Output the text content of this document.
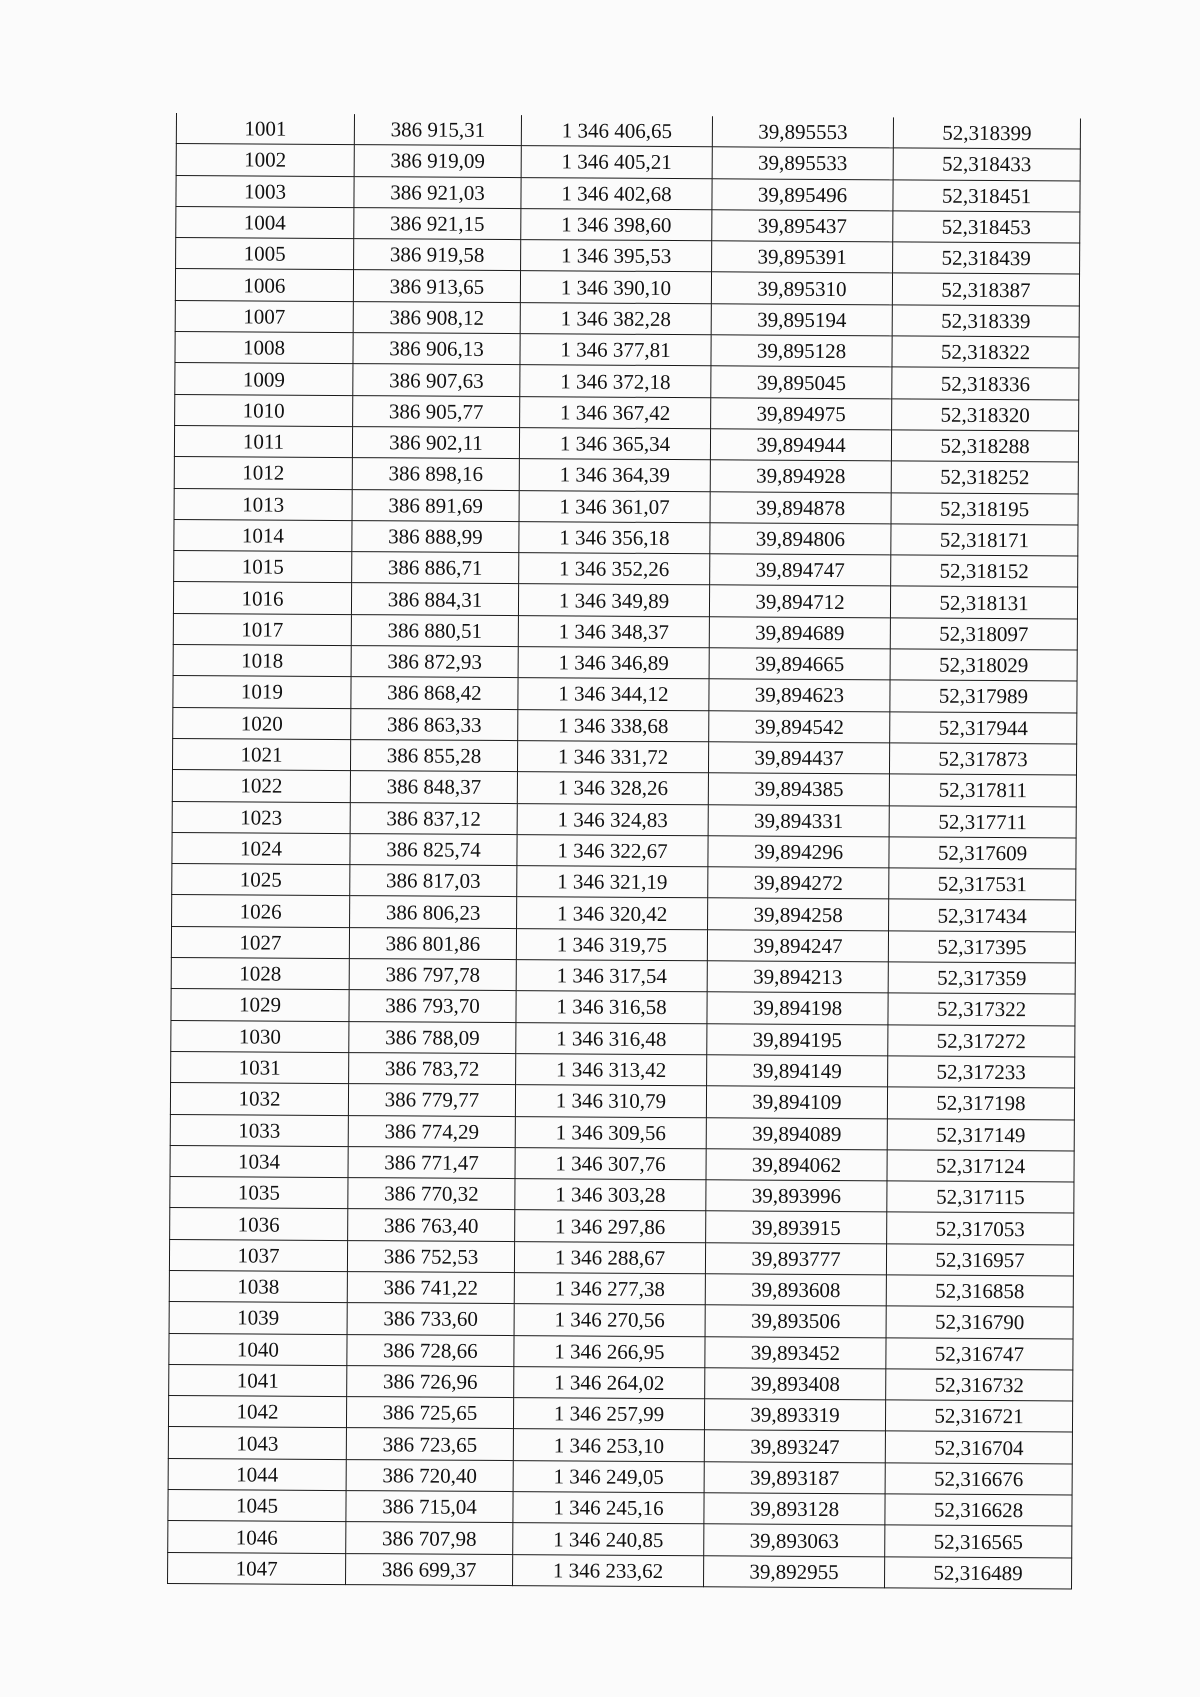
1001	386 915,31	1 346 406,65	39,895553	52,318399
1002	386 919,09	1 346 405,21	39,895533	52,318433
1003	386 921,03	1 346 402,68	39,895496	52,318451
1004	386 921,15	1 346 398,60	39,895437	52,318453
1005	386 919,58	1 346 395,53	39,895391	52,318439
1006	386 913,65	1 346 390,10	39,895310	52,318387
1007	386 908,12	1 346 382,28	39,895194	52,318339
1008	386 906,13	1 346 377,81	39,895128	52,318322
1009	386 907,63	1 346 372,18	39,895045	52,318336
1010	386 905,77	1 346 367,42	39,894975	52,318320
1011	386 902,11	1 346 365,34	39,894944	52,318288
1012	386 898,16	1 346 364,39	39,894928	52,318252
1013	386 891,69	1 346 361,07	39,894878	52,318195
1014	386 888,99	1 346 356,18	39,894806	52,318171
1015	386 886,71	1 346 352,26	39,894747	52,318152
1016	386 884,31	1 346 349,89	39,894712	52,318131
1017	386 880,51	1 346 348,37	39,894689	52,318097
1018	386 872,93	1 346 346,89	39,894665	52,318029
1019	386 868,42	1 346 344,12	39,894623	52,317989
1020	386 863,33	1 346 338,68	39,894542	52,317944
1021	386 855,28	1 346 331,72	39,894437	52,317873
1022	386 848,37	1 346 328,26	39,894385	52,317811
1023	386 837,12	1 346 324,83	39,894331	52,317711
1024	386 825,74	1 346 322,67	39,894296	52,317609
1025	386 817,03	1 346 321,19	39,894272	52,317531
1026	386 806,23	1 346 320,42	39,894258	52,317434
1027	386 801,86	1 346 319,75	39,894247	52,317395
1028	386 797,78	1 346 317,54	39,894213	52,317359
1029	386 793,70	1 346 316,58	39,894198	52,317322
1030	386 788,09	1 346 316,48	39,894195	52,317272
1031	386 783,72	1 346 313,42	39,894149	52,317233
1032	386 779,77	1 346 310,79	39,894109	52,317198
1033	386 774,29	1 346 309,56	39,894089	52,317149
1034	386 771,47	1 346 307,76	39,894062	52,317124
1035	386 770,32	1 346 303,28	39,893996	52,317115
1036	386 763,40	1 346 297,86	39,893915	52,317053
1037	386 752,53	1 346 288,67	39,893777	52,316957
1038	386 741,22	1 346 277,38	39,893608	52,316858
1039	386 733,60	1 346 270,56	39,893506	52,316790
1040	386 728,66	1 346 266,95	39,893452	52,316747
1041	386 726,96	1 346 264,02	39,893408	52,316732
1042	386 725,65	1 346 257,99	39,893319	52,316721
1043	386 723,65	1 346 253,10	39,893247	52,316704
1044	386 720,40	1 346 249,05	39,893187	52,316676
1045	386 715,04	1 346 245,16	39,893128	52,316628
1046	386 707,98	1 346 240,85	39,893063	52,316565
1047	386 699,37	1 346 233,62	39,892955	52,316489
